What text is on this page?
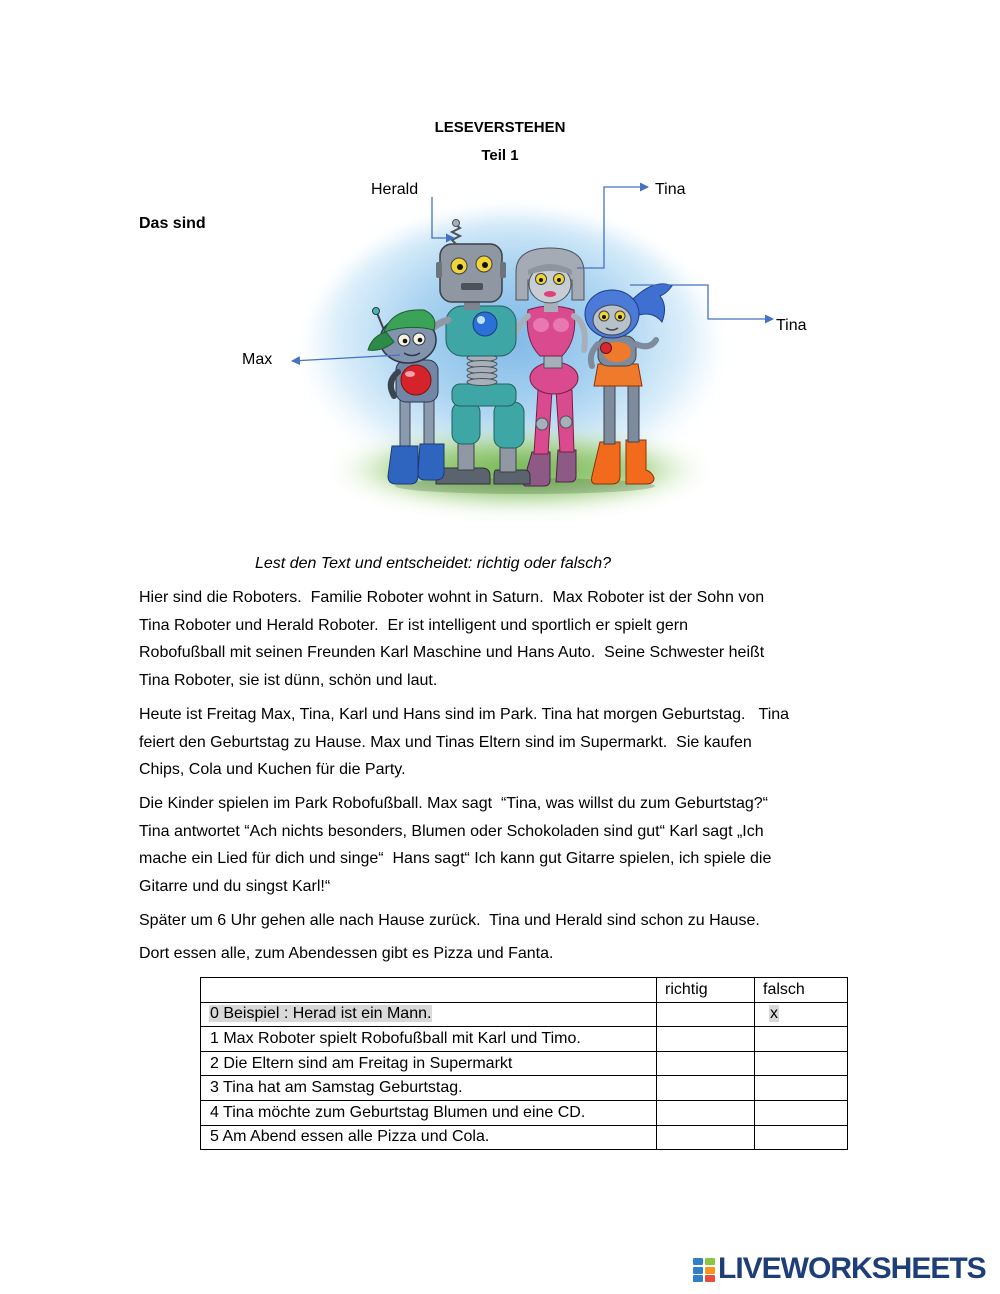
LESEVERSTEHEN
Teil 1
Herald	Tina
Das sind
Tina
Max
Lest den Text und entscheidet: richtig oder falsch?
Hier sind die Roboters.  Familie Roboter wohnt in Saturn.  Max Roboter ist der Sohn von
Tina Roboter und Herald Roboter.  Er ist intelligent und sportlich er spielt gern
Robofußball mit seinen Freunden Karl Maschine und Hans Auto.  Seine Schwester heißt
Tina Roboter, sie ist dünn, schön und laut.
Heute ist Freitag Max, Tina, Karl und Hans sind im Park. Tina hat morgen Geburtstag.   Tina
feiert den Geburtstag zu Hause. Max und Tinas Eltern sind im Supermarkt.  Sie kaufen
Chips, Cola und Kuchen für die Party.
Die Kinder spielen im Park Robofußball. Max sagt  “Tina, was willst du zum Geburtstag?“
Tina antwortet “Ach nichts besonders, Blumen oder Schokoladen sind gut“ Karl sagt „Ich
mache ein Lied für dich und singe“  Hans sagt“ Ich kann gut Gitarre spielen, ich spiele die
Gitarre und du singst Karl!“
Später um 6 Uhr gehen alle nach Hause zurück.  Tina und Herald sind schon zu Hause.
Dort essen alle, zum Abendessen gibt es Pizza und Fanta.
	richtig	falsch
0 Beispiel : Herad ist ein Mann.		x
1 Max Roboter spielt Robofußball mit Karl und Timo.		
2 Die Eltern sind am Freitag in Supermarkt		
3 Tina hat am Samstag Geburtstag.		
4 Tina möchte zum Geburtstag Blumen und eine CD.		
5 Am Abend essen alle Pizza und Cola.		
LIVEWORKSHEETS
